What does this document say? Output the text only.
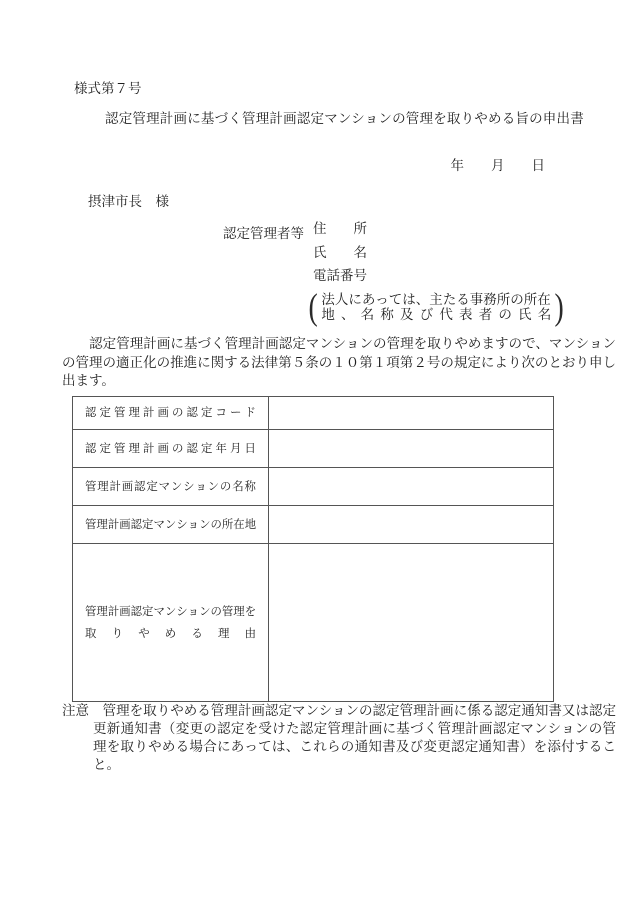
様式第７号
認定管理計画に基づく管理計画認定マンションの管理を取りやめる旨の申出書
年　　月　　日
摂津市長　様
認定管理者等 住　　所
氏　　名
電話番号
( 法人にあっては、主たる事務所の所在
地 、 名 称 及 び 代 表 者 の 氏 名 )
　　認定管理計画に基づく管理計画認定マンションの管理を取りやめますので、マンションの管理の適正化の推進に関する法律第５条の１０第１項第２号の規定により次のとおり申し出ます。
認 定 管 理 計 画 の 認 定 コ ー ド

認 定 管 理 計 画 の 認 定 年 月 日

管 理 計 画 認 定 マ ン シ ョ ン の 名 称

管 理 計 画 認 定 マ ン シ ョ ン の 所 在 地

管 理 計 画 認 定 マ ン シ ョ ン の 管 理 を
取 り や め る 理 由

注意　管理を取りやめる管理計画認定マンションの認定管理計画に係る認定通知書又は認定更新通知書（変更の認定を受けた認定管理計画に基づく管理計画認定マンションの管理を取りやめる場合にあっては、これらの通知書及び変更認定通知書）を添付すること。
